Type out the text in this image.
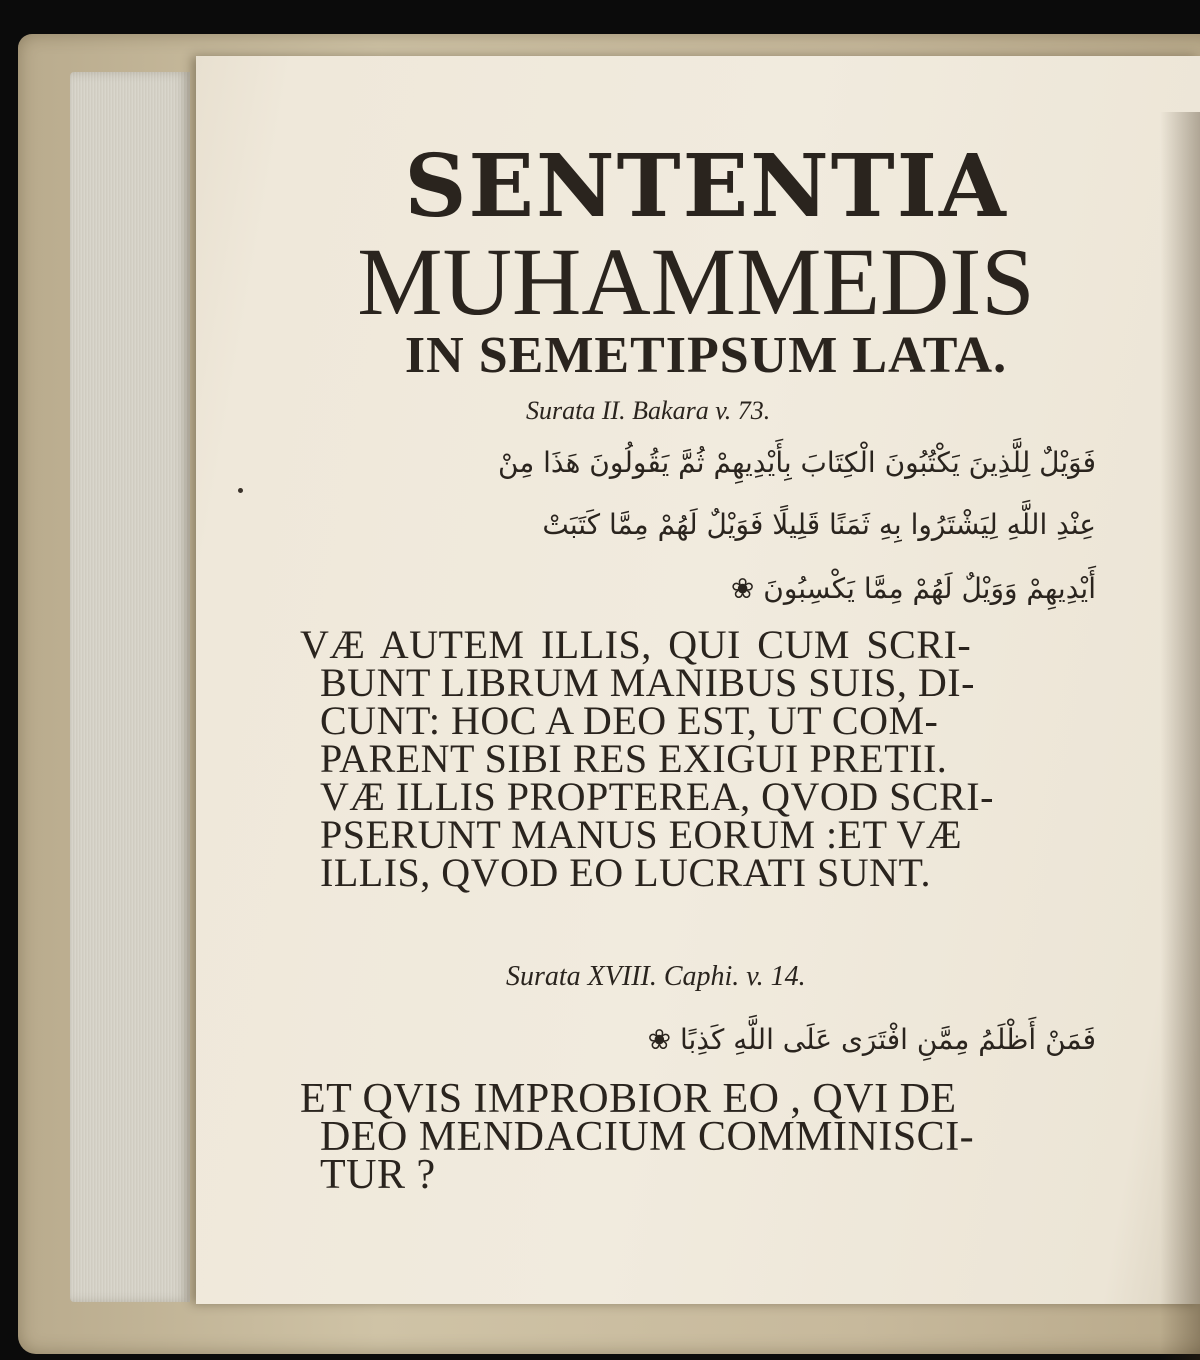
SENTENTIA
MUHAMMEDIS
IN SEMETIPSUM LATA.
Surata II. Bakara v. 73.
فَوَيْلٌ لِلَّذِينَ يَكْتُبُونَ الْكِتَابَ بِأَيْدِيهِمْ ثُمَّ يَقُولُونَ هَذَا مِنْ
عِنْدِ اللَّهِ لِيَشْتَرُوا بِهِ ثَمَنًا قَلِيلًا فَوَيْلٌ لَهُمْ مِمَّا كَتَبَتْ
أَيْدِيهِمْ وَوَيْلٌ لَهُمْ مِمَّا يَكْسِبُونَ ❀
VÆ AUTEM ILLIS, QUI CUM SCRI-
BUNT LIBRUM MANIBUS SUIS, DI-
CUNT: HOC A DEO EST, UT COM-
PARENT SIBI RES EXIGUI PRETII.
VÆ ILLIS PROPTEREA, QVOD SCRI-
PSERUNT MANUS EORUM :ET VÆ
ILLIS, QVOD EO LUCRATI SUNT.
Surata XVIII. Caphi. v. 14.
فَمَنْ أَظْلَمُ مِمَّنِ افْتَرَى عَلَى اللَّهِ كَذِبًا ❀
ET QVIS IMPROBIOR EO , QVI DE
DEO MENDACIUM COMMINISCI-
TUR ?
